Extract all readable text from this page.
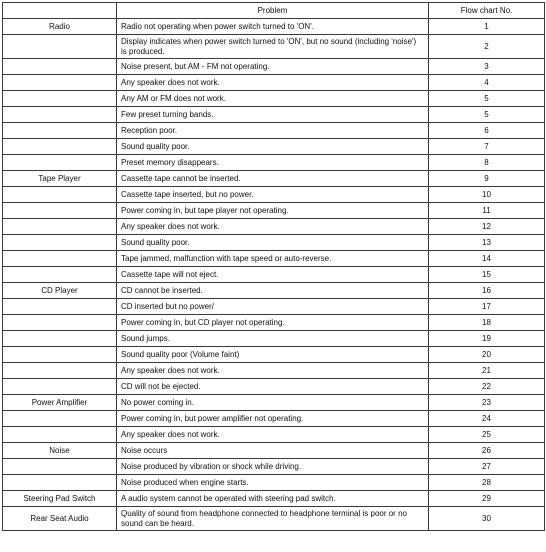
	Problem	Flow chart No.
Radio	Radio not operating when power switch turned to 'ON'.	1
	Display indicates when power switch turned to 'ON', but no sound (including 'noise') is produced.	2
	Noise present, but AM - FM not operating.	3
	Any speaker does not work.	4
	Any AM or FM does not work.	5
	Few preset turning bands.	5
	Reception poor.	6
	Sound quality poor.	7
	Preset memory disappears.	8
Tape Player	Cassette tape cannot be inserted.	9
	Cassette tape inserted, but no power.	10
	Power coming in, but tape player not operating.	11
	Any speaker does not work.	12
	Sound quality poor.	13
	Tape jammed, malfunction with tape speed or auto-reverse.	14
	Cassette tape will not eject.	15
CD Player	CD cannot be inserted.	16
	CD inserted but no power/	17
	Power coming in, but CD player not operating.	18
	Sound jumps.	19
	Sound quality poor (Volume faint)	20
	Any speaker does not work.	21
	CD will not be ejected.	22
Power Amplifier	No power coming in.	23
	Power coming in, but power amplifier not operating.	24
	Any speaker does not work.	25
Noise	Noise occurs	26
	Noise produced by vibration or shock while driving.	27
	Noise produced when engine starts.	28
Steering Pad Switch	A audio system cannot be operated with steering pad switch.	29
Rear Seat Audio	Quality of sound from headphone connected to headphone terminal is poor or no sound can be heard.	30
